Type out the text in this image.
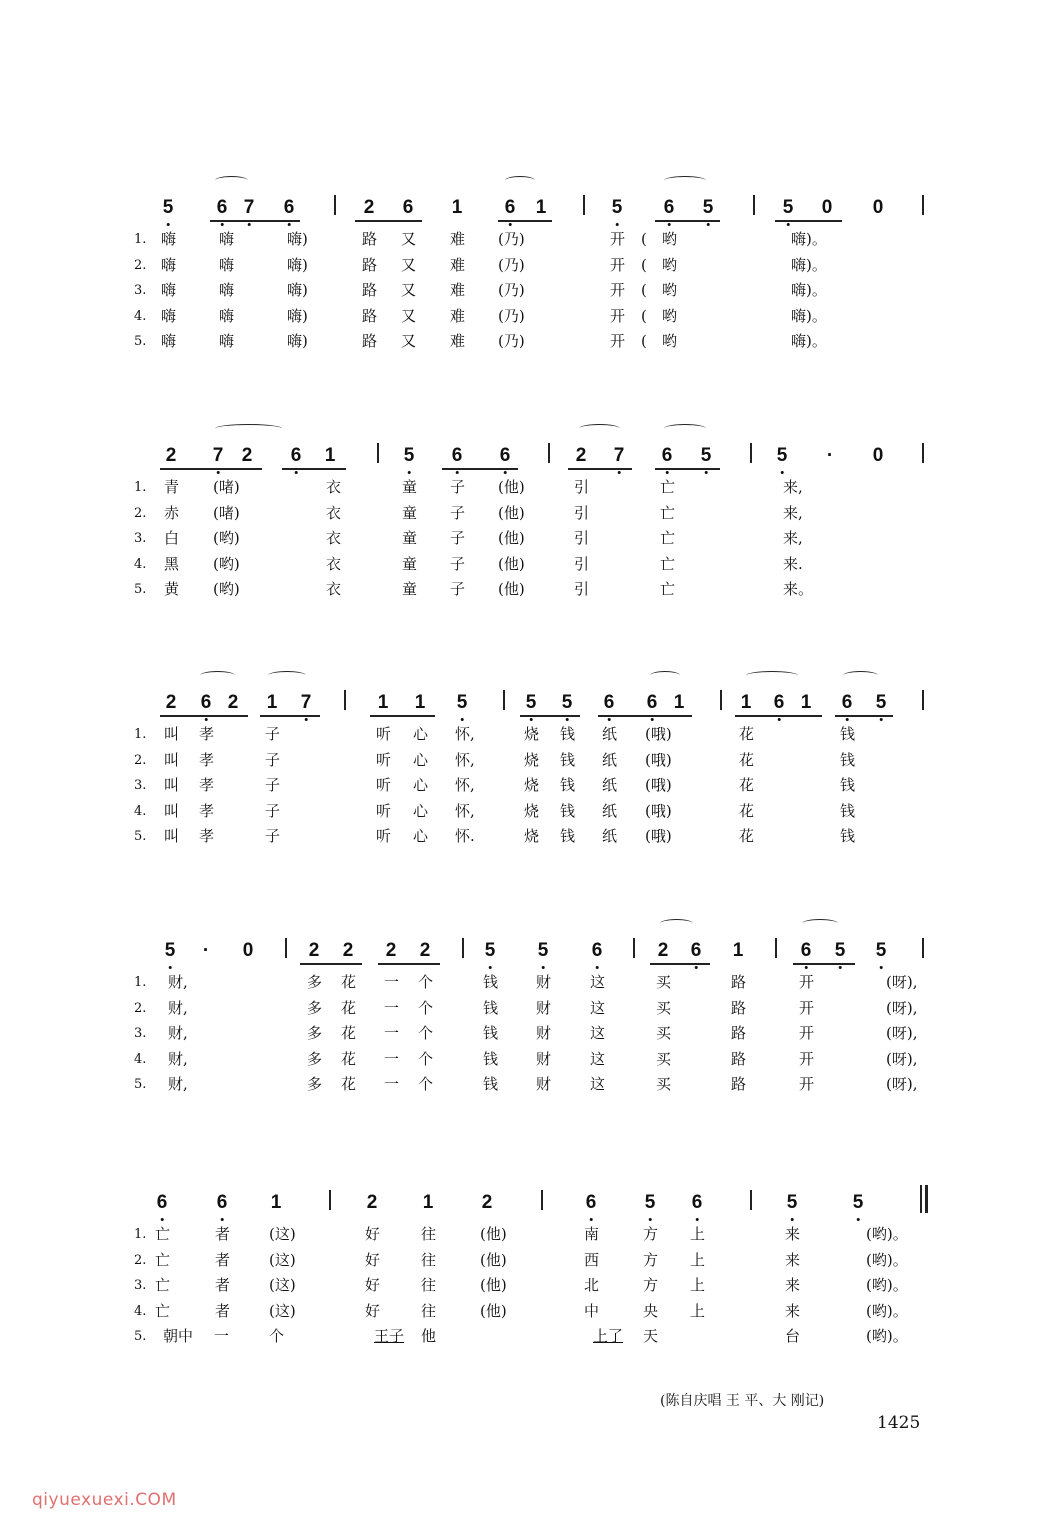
5 6 7 6	2 6 1 6 1	5 6 5	5 0 0
1. 嗨	嗨	嗨)	路 又 难 (乃)	开 ( 哟	嗨)。
2. 嗨	嗨	嗨)	路 又 难 (乃)	开 ( 哟	嗨)。
3. 嗨	嗨	嗨)	路 又 难 (乃)	开 ( 哟	嗨)。
4. 嗨	嗨	嗨)	路 又 难 (乃)	开 ( 哟	嗨)。
5. 嗨	嗨	嗨)	路 又 难 (乃)	开 ( 哟	嗨)。
2 7 2 6 1	5 6 6	2 7 6 5	5 · 0
1. 青 (啫)	衣	童 子 (他)	引	亡	来,
2. 赤 (啫)	衣	童 子 (他)	引	亡	来,
3. 白 (哟)	衣	童 子 (他)	引	亡	来,
4. 黑 (哟)	衣	童 子 (他)	引	亡	来.
5. 黄 (哟)	衣	童 子 (他)	引	亡	来。
2 6 2 1 7	1 1 5	5 5 6 6 1	1 6 1 6 5
1. 叫 孝	子	听 心 怀,	烧 钱 纸 (哦)	花	钱
2. 叫 孝	子	听 心 怀,	烧 钱 纸 (哦)	花	钱
3. 叫 孝	子	听 心 怀,	烧 钱 纸 (哦)	花	钱
4. 叫 孝	子	听 心 怀,	烧 钱 纸 (哦)	花	钱
5. 叫 孝	子	听 心 怀.	烧 钱 纸 (哦)	花	钱
5 · 0	2 2 2 2	5 5 6	2 6 1	6 5 5
1. 财,	多 花 一 个	钱	财	这	买	路	开	(呀),
2. 财,	多 花 一 个	钱	财	这	买	路	开	(呀),
3. 财,	多 花 一 个	钱	财	这	买	路	开	(呀),
4. 财,	多 花 一 个	钱	财	这	买	路	开	(呀),
5. 财,	多 花 一 个	钱	财	这	买	路	开	(呀),
6	6 1	2 1	2	6	5 6	5	5
1. 亡	者	(这)	好	往	(他)	南	方 上	来	(哟)。
2. 亡	者	(这)	好	往	(他)	西	方 上	来	(哟)。
3. 亡	者	(这)	好	往	(他)	北	方 上	来	(哟)。
4. 亡	者	(这)	好	往	(他)	中	央 上	来	(哟)。
5. 朝中 一	个	王子 他	上了 天	台	(哟)。
(陈自庆唱 王 平、大 刚记)
1425
qiyuexuexi.COM
